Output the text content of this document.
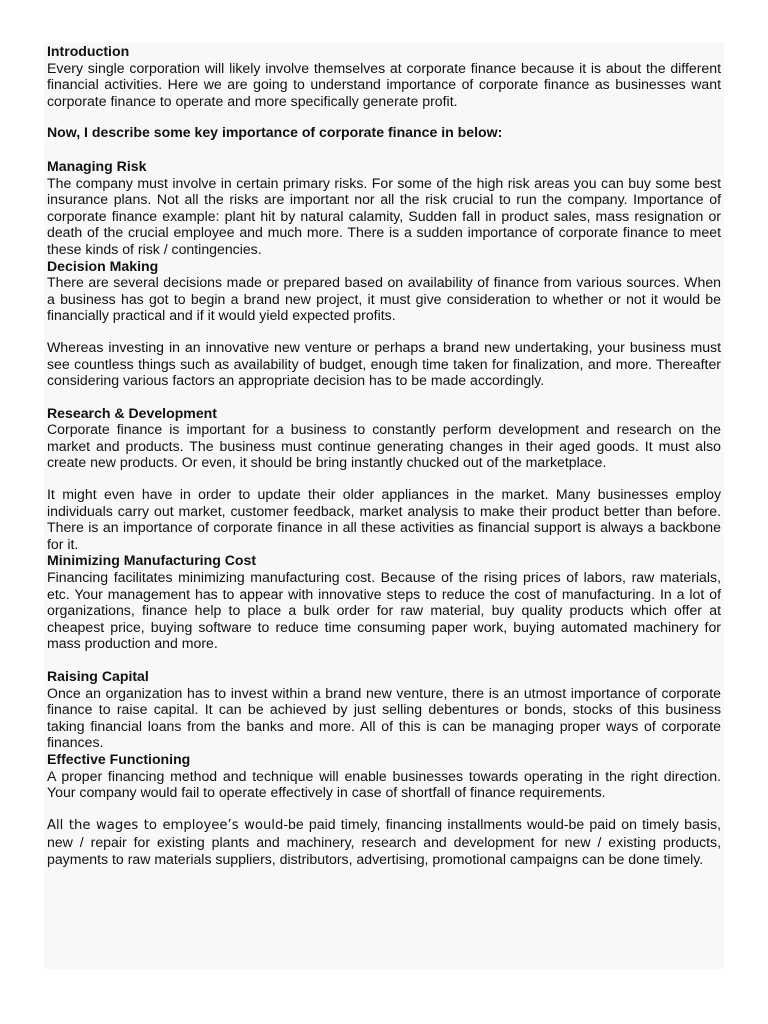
Introduction

Every single corporation will likely involve themselves at corporate finance because it is about the different financial activities. Here we are going to understand importance of corporate finance as businesses want corporate finance to operate and more specifically generate profit.

Now, I describe some key importance of corporate finance in below:
Managing Risk

The company must involve in certain primary risks. For some of the high risk areas you can buy some best insurance plans. Not all the risks are important nor all the risk crucial to run the company. Importance of corporate finance example: plant hit by natural calamity, Sudden fall in product sales, mass resignation or death of the crucial employee and much more. There is a sudden importance of corporate finance to meet these kinds of risk / contingencies.

Decision Making

There are several decisions made or prepared based on availability of finance from various sources. When a business has got to begin a brand new project, it must give consideration to whether or not it would be financially practical and if it would yield expected profits.

Whereas investing in an innovative new venture or perhaps a brand new undertaking, your business must see countless things such as availability of budget, enough time taken for finalization, and more. Thereafter considering various factors an appropriate decision has to be made accordingly.

Research & Development

Corporate finance is important for a business to constantly perform development and research on the market and products. The business must continue generating changes in their aged goods. It must also create new products. Or even, it should be bring instantly chucked out of the marketplace.

It might even have in order to update their older appliances in the market. Many businesses employ individuals carry out market, customer feedback, market analysis to make their product better than before. There is an importance of corporate finance in all these activities as financial support is always a backbone for it.

Minimizing Manufacturing Cost

Financing facilitates minimizing manufacturing cost. Because of the rising prices of labors, raw materials, etc. Your management has to appear with innovative steps to reduce the cost of manufacturing. In a lot of organizations, finance help to place a bulk order for raw material, buy quality products which offer at cheapest price, buying software to reduce time consuming paper work, buying automated machinery for mass production and more.

Raising Capital

Once an organization has to invest within a brand new venture, there is an utmost importance of corporate finance to raise capital. It can be achieved by just selling debentures or bonds, stocks of this business taking financial loans from the banks and more. All of this is can be managing proper ways of corporate finances.

Effective Functioning

A proper financing method and technique will enable businesses towards operating in the right direction. Your company would fail to operate effectively in case of shortfall of finance requirements.

All the wages to employee’s would-be paid timely, financing installments would-be paid on timely basis, new / repair for existing plants and machinery, research and development for new / existing products, payments to raw materials suppliers, distributors, advertising, promotional campaigns can be done timely.
